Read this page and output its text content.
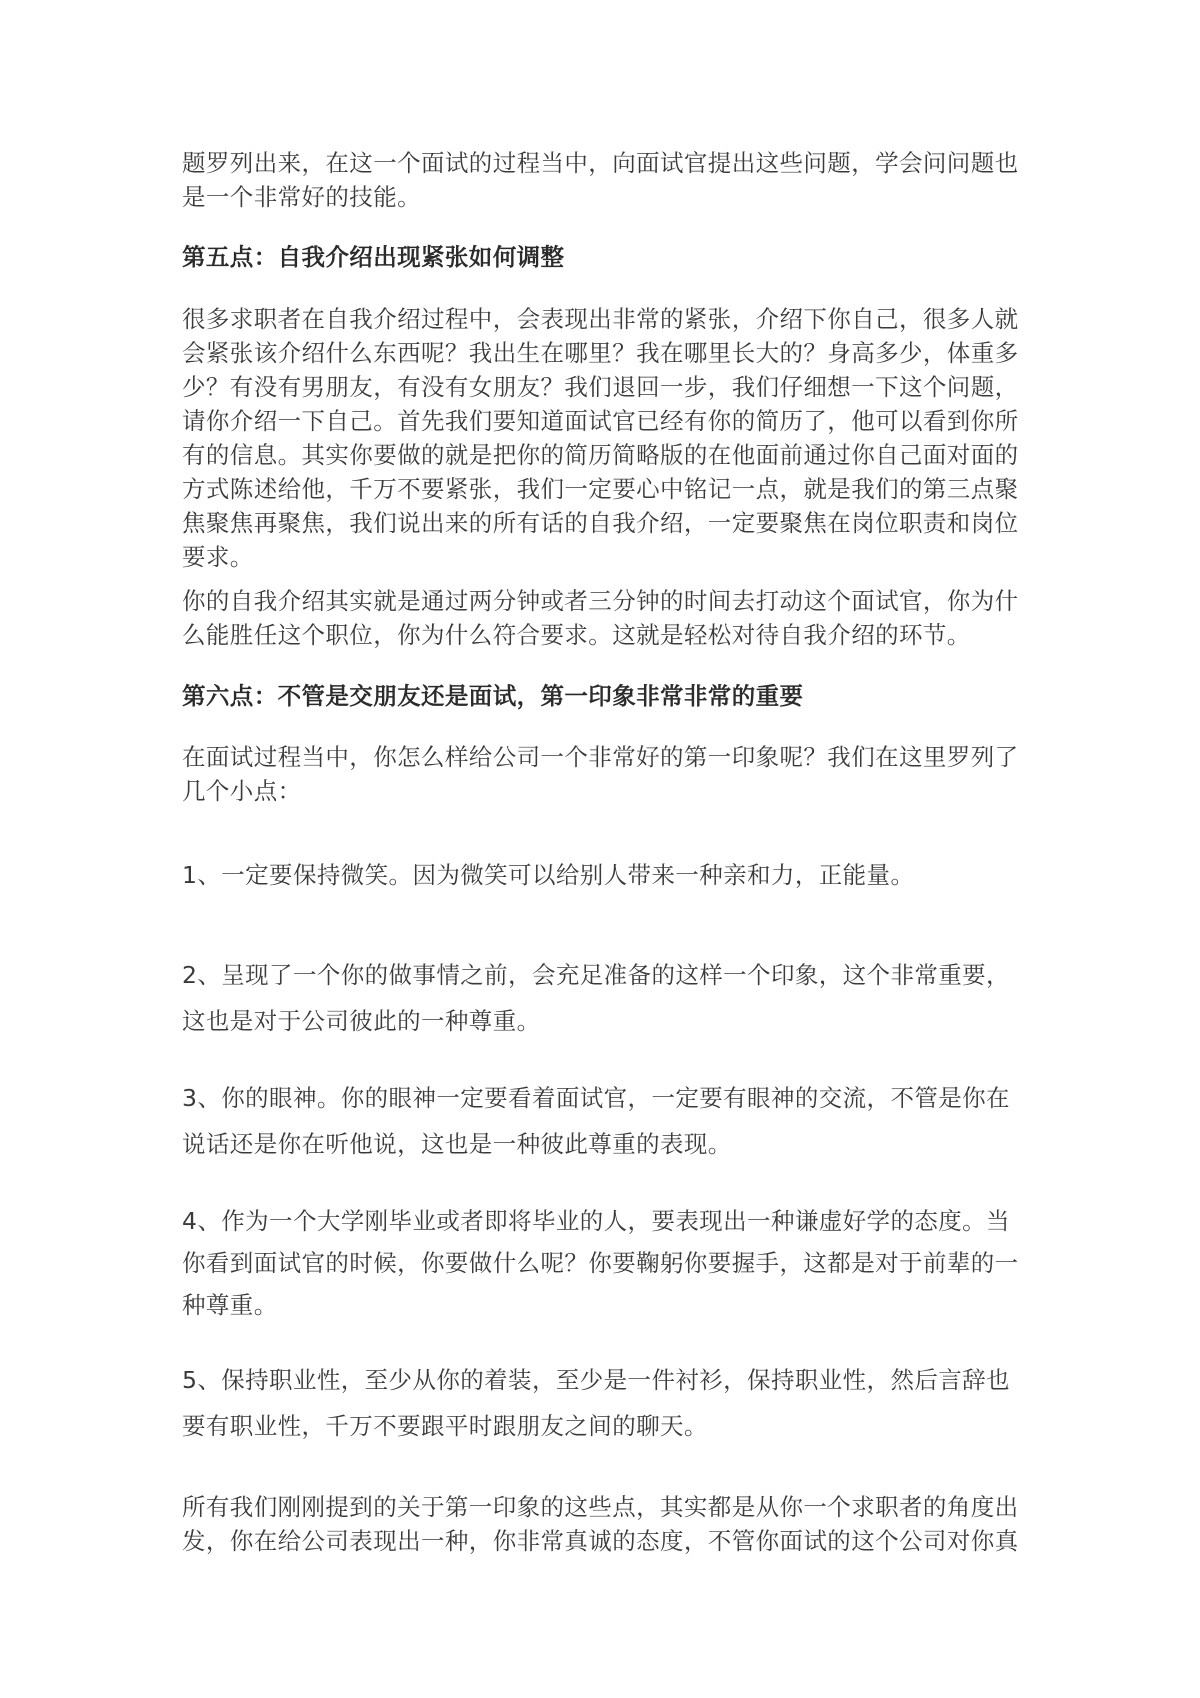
题罗列出来，在这一个面试的过程当中，向面试官提出这些问题，学会问问题也
是一个非常好的技能。

第五点：自我介绍出现紧张如何调整

很多求职者在自我介绍过程中，会表现出非常的紧张，介绍下你自己，很多人就
会紧张该介绍什么东西呢？我出生在哪里？我在哪里长大的？身高多少，体重多
少？有没有男朋友，有没有女朋友？我们退回一步，我们仔细想一下这个问题，
请你介绍一下自己。首先我们要知道面试官已经有你的简历了，他可以看到你所
有的信息。其实你要做的就是把你的简历简略版的在他面前通过你自己面对面的
方式陈述给他，千万不要紧张，我们一定要心中铭记一点，就是我们的第三点聚
焦聚焦再聚焦，我们说出来的所有话的自我介绍，一定要聚焦在岗位职责和岗位
要求。

你的自我介绍其实就是通过两分钟或者三分钟的时间去打动这个面试官，你为什
么能胜任这个职位，你为什么符合要求。这就是轻松对待自我介绍的环节。

第六点：不管是交朋友还是面试，第一印象非常非常的重要

在面试过程当中，你怎么样给公司一个非常好的第一印象呢？我们在这里罗列了
几个小点：

1、一定要保持微笑。因为微笑可以给别人带来一种亲和力，正能量。

2、呈现了一个你的做事情之前，会充足准备的这样一个印象，这个非常重要，
这也是对于公司彼此的一种尊重。

3、你的眼神。你的眼神一定要看着面试官，一定要有眼神的交流，不管是你在
说话还是你在听他说，这也是一种彼此尊重的表现。

4、作为一个大学刚毕业或者即将毕业的人，要表现出一种谦虚好学的态度。当
你看到面试官的时候，你要做什么呢？你要鞠躬你要握手，这都是对于前辈的一
种尊重。

5、保持职业性，至少从你的着装，至少是一件衬衫，保持职业性，然后言辞也
要有职业性，千万不要跟平时跟朋友之间的聊天。

所有我们刚刚提到的关于第一印象的这些点，其实都是从你一个求职者的角度出
发，你在给公司表现出一种，你非常真诚的态度，不管你面试的这个公司对你真
